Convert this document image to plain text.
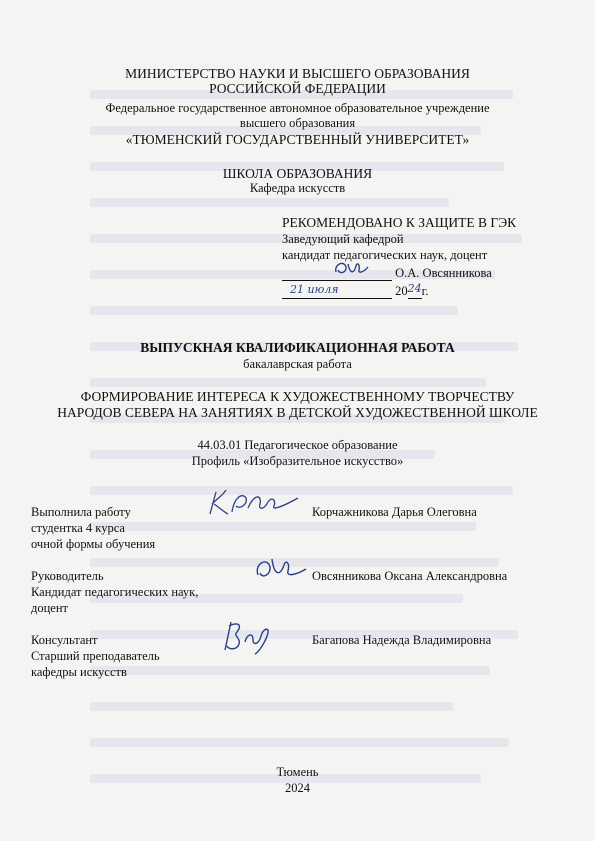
МИНИСТЕРСТВО НАУКИ И ВЫСШЕГО ОБРАЗОВАНИЯ
РОССИЙСКОЙ ФЕДЕРАЦИИ
Федеральное государственное автономное образовательное учреждение
высшего образования
«ТЮМЕНСКИЙ ГОСУДАРСТВЕННЫЙ УНИВЕРСИТЕТ»
ШКОЛА ОБРАЗОВАНИЯ
Кафедра искусств
РЕКОМЕНДОВАНО К ЗАЩИТЕ В ГЭК
Заведующий кафедрой
кандидат педагогических наук, доцент
О.А. Овсянникова
21 июля	20 24 г.
ВЫПУСКНАЯ КВАЛИФИКАЦИОННАЯ РАБОТА
бакалаврская работа
ФОРМИРОВАНИЕ ИНТЕРЕСА К ХУДОЖЕСТВЕННОМУ ТВОРЧЕСТВУ
НАРОДОВ СЕВЕРА НА ЗАНЯТИЯХ В ДЕТСКОЙ ХУДОЖЕСТВЕННОЙ ШКОЛЕ
44.03.01 Педагогическое образование
Профиль «Изобразительное искусство»
Выполнила работу
студентка 4 курса
очной формы обучения
Корчажникова Дарья Олеговна
Руководитель
Кандидат педагогических наук,
доцент
Овсянникова Оксана Александровна
Консультант
Старший преподаватель
кафедры искусств
Багапова Надежда Владимировна
Тюмень
2024
